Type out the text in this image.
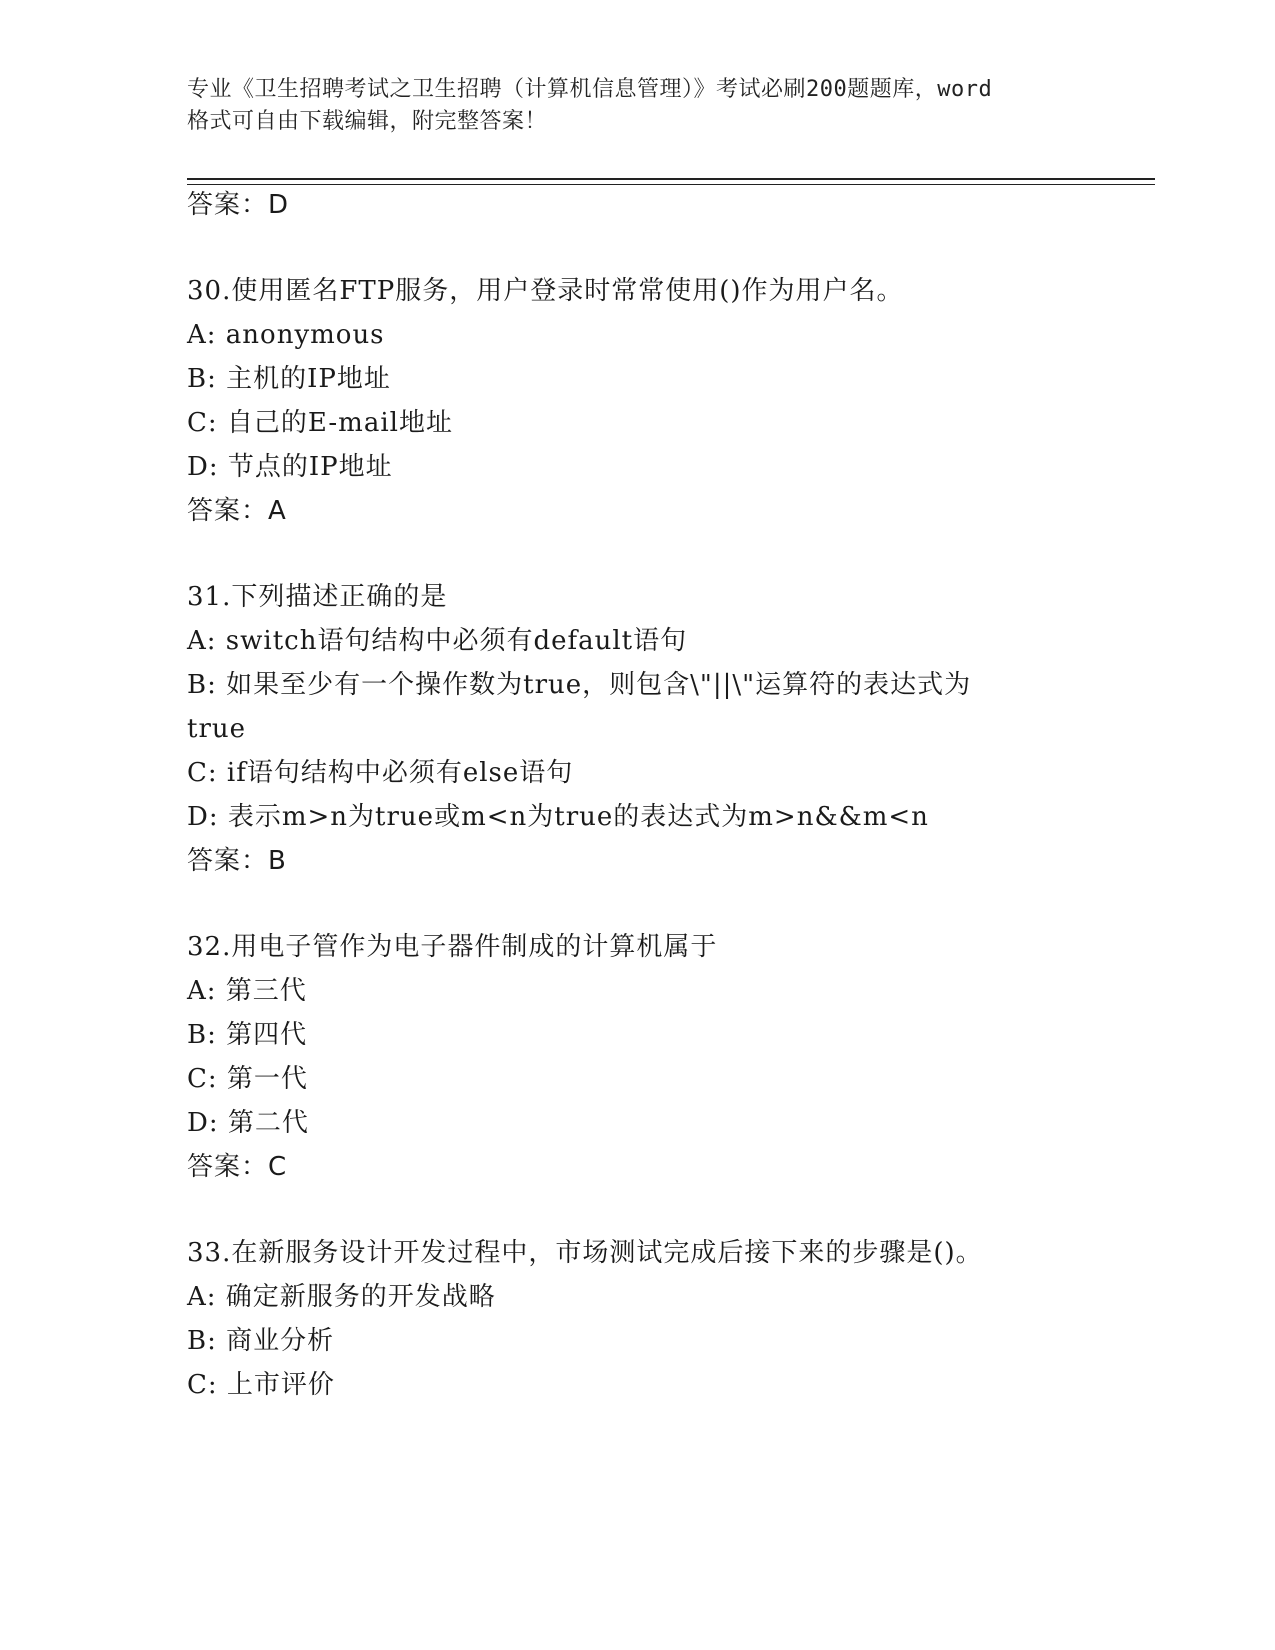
专业《卫生招聘考试之卫生招聘（计算机信息管理）》考试必刷200题题库，word
格式可自由下载编辑，附完整答案！
答案：D
30.使用匿名FTP服务，用户登录时常常使用()作为用户名。
A: anonymous
B: 主机的IP地址
C: 自己的E-mail地址
D: 节点的IP地址
答案：A
31.下列描述正确的是
A: switch语句结构中必须有default语句
B: 如果至少有一个操作数为true，则包含\"||\"运算符的表达式为
true
C: if语句结构中必须有else语句
D: 表示m>n为true或m<n为true的表达式为m>n&&m<n
答案：B
32.用电子管作为电子器件制成的计算机属于
A: 第三代
B: 第四代
C: 第一代
D: 第二代
答案：C
33.在新服务设计开发过程中，市场测试完成后接下来的步骤是()。
A: 确定新服务的开发战略
B: 商业分析
C: 上市评价
